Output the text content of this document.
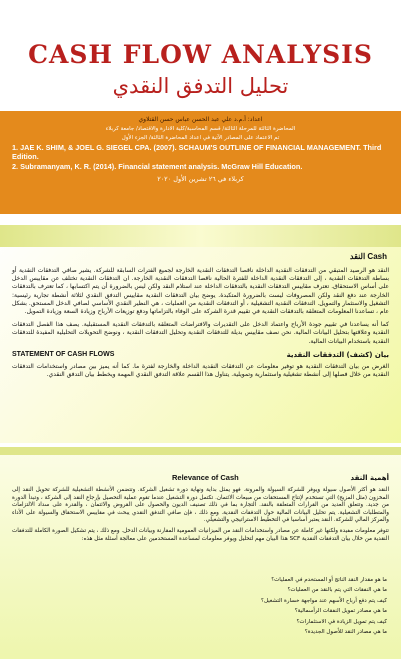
CASH FLOW ANALYSIS
تحليل التدفق النقدي
اعداد: أ.م.د علي عبد الحسن عباس حسن القتلاوي
المحاضرة الثالثة للمرحلة الثالثة/ قسم المحاسبة/كلية الادارة والاقتصاد/ جامعة كربلاء
تم الاعتماد على المصادر الآتية في اعداد المحاضرة الثالثة/ الجزء الأول
1. JAE K. SHIM, & JOEL G. SIEGEL CPA. (2007). SCHAUM'S OUTLINE OF FINANCIAL MANAGEMENT. Third Edition.
2. Subramanyam, K. R. (2014). Financial statement analysis. McGraw Hill Education.
كربلاء في ٢٦ تشرين الأول ٢٠٢٠
النقد Cash

النقد هو الرصيد المتبقي من التدفقات النقدية الداخلة ناقصا التدفقات النقدية الخارجة لجميع الفترات السابقة للشركة. يشير صافي التدفقات النقدية أو بساطة التدفقات النقدية ، إلى التدفقات النقدية الداخلة للفترة الحالية ناقصا التدفقات النقدية الخارجة. ان التدفقات النقدية تختلف عن مقاييس الدخل على أساس الاستحقاق. تعترف مقاييس التدفقات النقدية بالتدفقات الداخلة عند استلام النقد ولكن ليس بالضرورة أن يتم اكتسابها ، كما تعترف بالتدفقات الخارجة عند دفع النقد ولكن المصروفات ليست بالضرورة المتكبدة. يوضح بيان التدفقات النقدية مقاييس التدفق النقدي لثلاثة أنشطة تجارية رئيسية: التشغيل والاستثمار والتمويل. التدفقات النقدية التشغيلية ، أو التدفقات النقدية من العمليات ، هي النظير النقدي الأساسي لصافي الدخل المستحق. بشكل عام ، تساعدنا المعلومات المتعلقة بالتدفقات النقدية في تقييم قدرة الشركة على الوفاء بالتزاماتها ودفع توزيعات الأرباح وزيادة السعة وزيادة التمويل.

كما أنه يساعدنا في تقييم جودة الأرباح واعتماد الدخل على التقديرات والافتراضات المتعلقة بالتدفقات النقدية المستقبلية. يصف هذا الفصل التدفقات النقدية وعلاقتها بتحليل البيانات المالية. نحن نصف مقاييس بديلة للتدفقات النقدية وتحليل التدفقات النقدية ، ونوضح التحويلات التحليلية المفيدة للتدفقات النقدية باستخدام البيانات المالية.

بيان (كشف) التدفقات النقدية
STATEMENT OF CASH FLOWS

الغرض من بيان التدفقات النقدية هو توفير معلومات عن التدفقات النقدية الداخلة والخارجة لفترة ما. كما أنه يميز بين مصادر واستخدامات التدفقات النقدية من خلال فصلها إلى أنشطة تشغيلية واستثمارية وتمويلية. يتناول هذا القسم علاقة التدفق النقدي المهمة ويخطط بيان التدفق النقدي.

Relevance of Cash	أهمية النقد

النقد هو أكثر الأصول سيولة ويوفر للشركة السيولة والمرونة. فهو يمثل بداية ونهاية دورة تشغيل الشركة. وتتضمن الأنشطة التشغيلية للشركة تحويل النقد إلى المخزون (مثل المزيج) التي تستخدم لإنتاج المستحقات من مبيعات الائتمان. تكتمل دورة التشغيل عندما تقوم عملية التحصيل بإرجاع النقد إلى الشركة ، وتبدأ الدورة من جديد. وتتعلق العديد من القرارات المتعلقة بالنقد. التجارة بما في ذلك تصنيف الديون والحصول على القروض والائتمان ، والقدرة على سداد الالتزامات والمتطلبات التشغيلية. يتم تحليل البيانات المالية حول التدفقات النقدية. ومع ذلك ، فإن صافي التدفق النقدي يبحث في مقاييس الاستحقاق والسيولة على الأداء والمركز المالي للشركة. النقد يعتبر أساسيا في التخطيط الاستراتيجي والتشغيلي.

تتوفر معلومات مفيدة ولكنها غير كاملة عن مصادر واستخدامات النقد من الميزانيات العمومية المقارنة وبيانات الدخل. ومع ذلك ، يتم تشكيل الصورة الكاملة للتدفقات النقدية من خلال بيان التدفقات النقدية SCF هذا البيان مهم لتحليل ويوفر معلومات لمساعدة المستخدمين على معالجة أسئلة مثل هذه:

ما هو مقدار النقد الناتج أو المستخدم في العمليات؟
ما هي النفقات التي يتم بالنقد من العمليات؟
كيف يتم دفع أرباح الأسهم عند مواجهة خسارة التشغيل؟
ما هي مصادر تمويل النفقات الرأسمالية؟
كيف يتم تمويل الزيادة في الاستثمارات؟
ما هي مصادر النقد للأصول الجديدة؟
